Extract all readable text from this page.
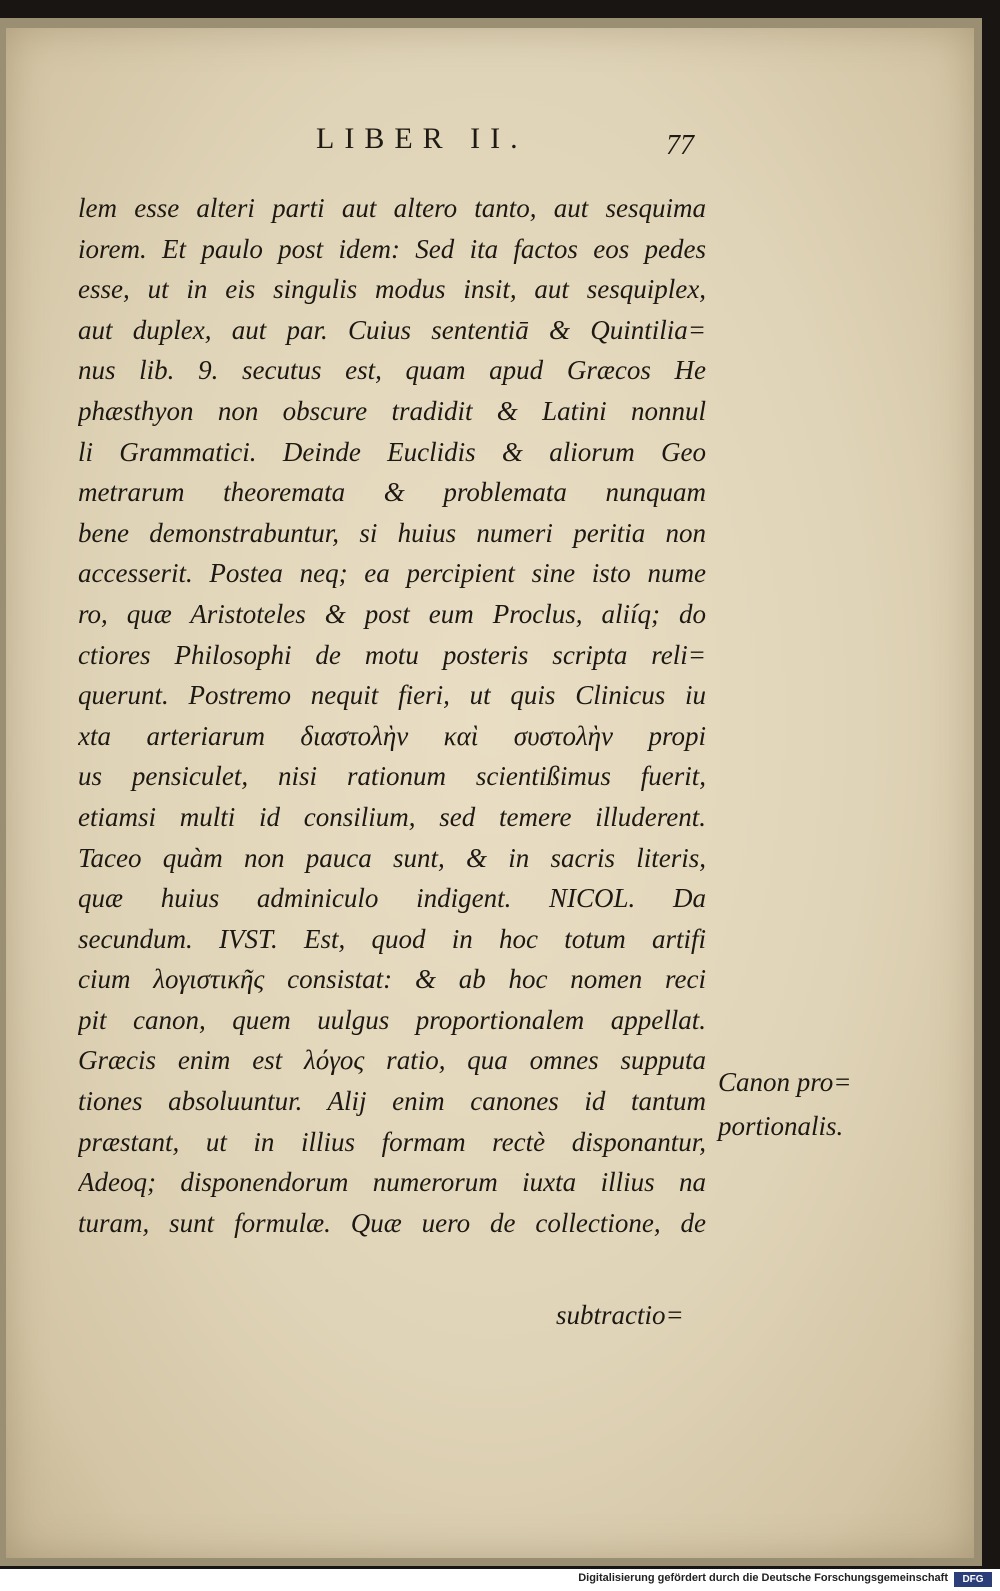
LIBER II.	77
lem esse alteri parti aut altero tanto, aut sesquima
iorem. Et paulo post idem: Sed ita factos eos pedes
esse, ut in eis singulis modus insit, aut sesquiplex,
aut duplex, aut par. Cuius sententiā & Quintilia=
nus lib. 9. secutus est, quam apud Græcos He
phæsthyon non obscure tradidit & Latini nonnul
li Grammatici. Deinde Euclidis & aliorum Geo
metrarum theoremata & problemata nunquam
bene demonstrabuntur, si huius numeri peritia non
accesserit. Postea neq; ea percipient sine isto nume
ro, quæ Aristoteles & post eum Proclus, aliíq; do
ctiores Philosophi de motu posteris scripta reli=
querunt. Postremo nequit fieri, ut quis Clinicus iu
xta arteriarum διαστολὴν καὶ συστολὴν propi
us pensiculet, nisi rationum scientißimus fuerit,
etiamsi multi id consilium, sed temere illuderent.
Taceo quàm non pauca sunt, & in sacris literis,
quæ huius adminiculo indigent. NICOL. Da
secundum. IVST. Est, quod in hoc totum artifi
cium λογιστικῆς consistat: & ab hoc nomen reci
pit canon, quem uulgus proportionalem appellat.
Græcis enim est λόγος ratio, qua omnes supputa
tiones absoluuntur. Alij enim canones id tantum
præstant, ut in illius formam rectè disponantur,
Adeoq; disponendorum numerorum iuxta illius na
turam, sunt formulæ. Quæ uero de collectione, de
subtractio=
Canon pro=
portionalis.
Digitalisierung gefördert durch die Deutsche Forschungsgemeinschaft	DFG
